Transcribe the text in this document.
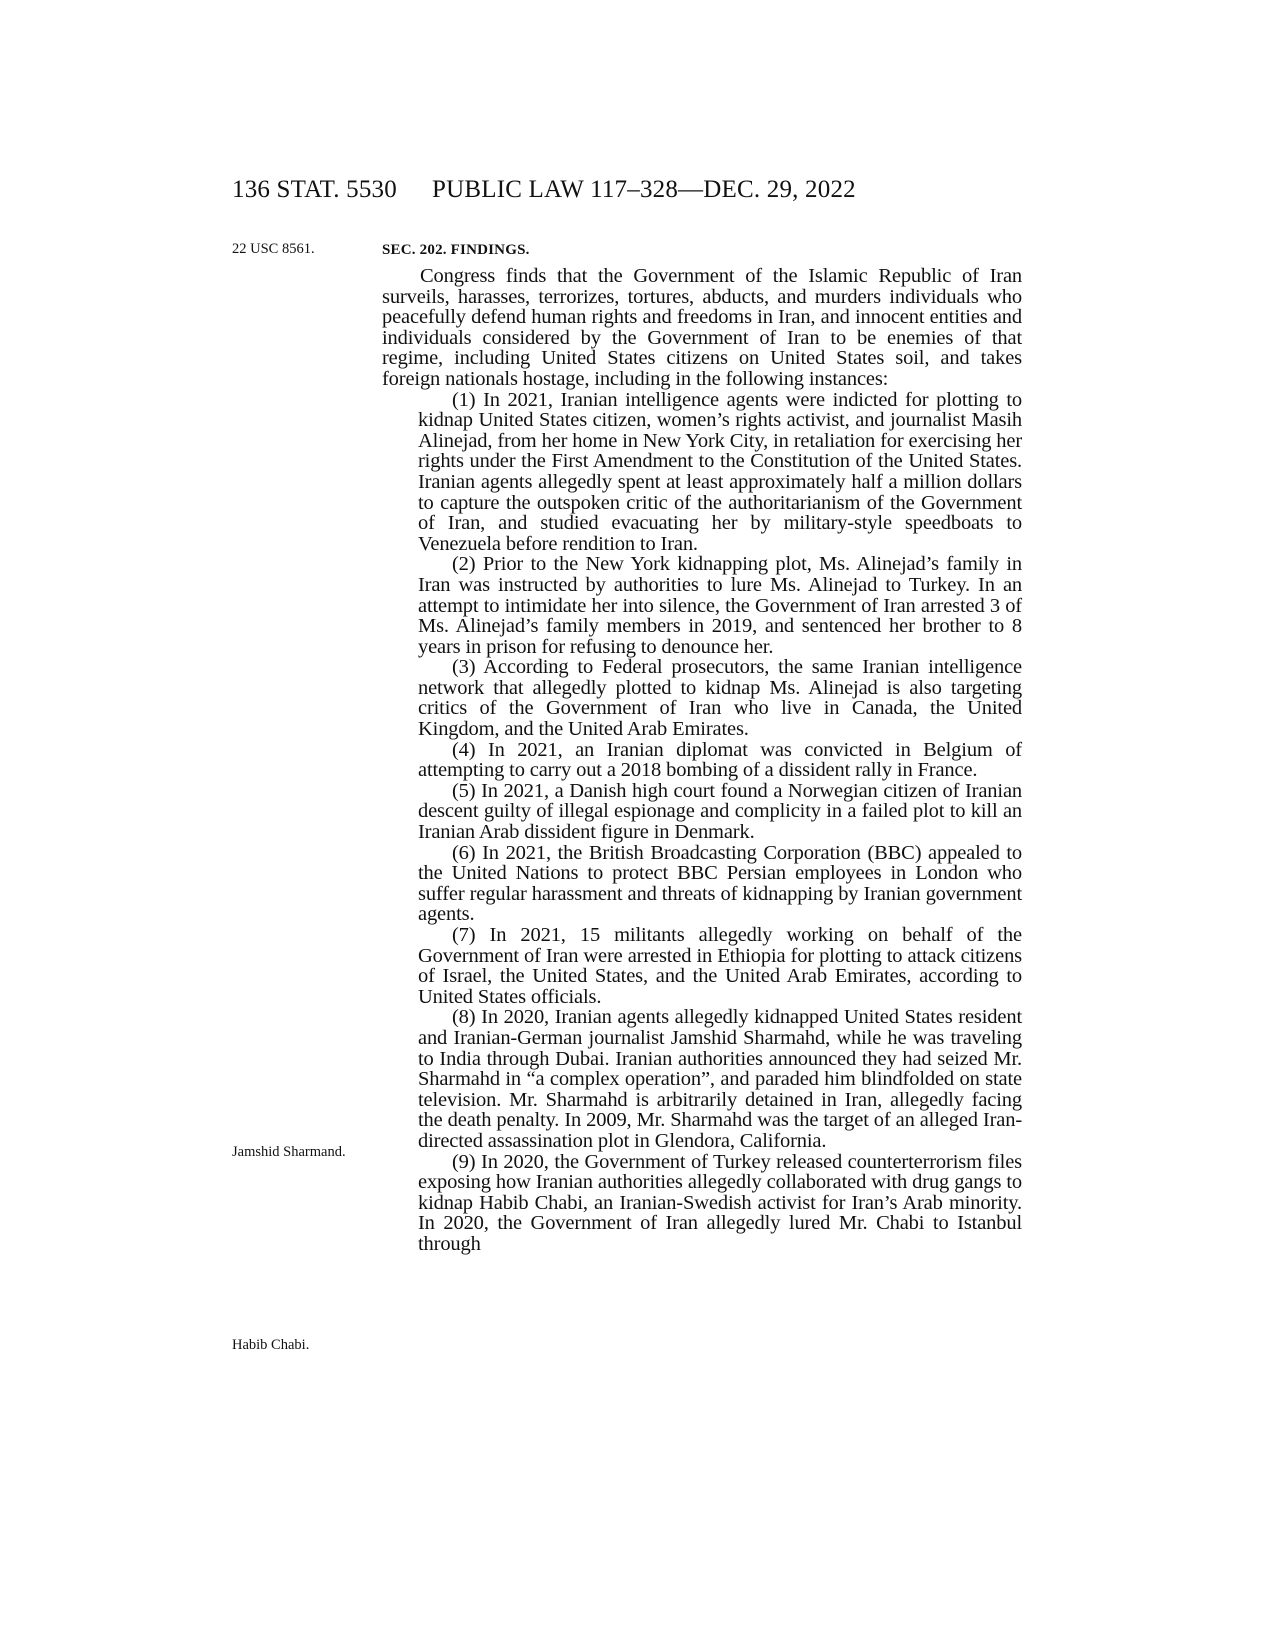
136 STAT. 5530 PUBLIC LAW 117–328—DEC. 29, 2022
22 USC 8561.
Jamshid Sharmand.
Habib Chabi.

SEC. 202. FINDINGS.

Congress finds that the Government of the Islamic Republic of Iran surveils, harasses, terrorizes, tortures, abducts, and murders individuals who peacefully defend human rights and freedoms in Iran, and innocent entities and individuals considered by the Government of Iran to be enemies of that regime, including United States citizens on United States soil, and takes foreign nationals hostage, including in the following instances:

(1) In 2021, Iranian intelligence agents were indicted for plotting to kidnap United States citizen, women’s rights activist, and journalist Masih Alinejad, from her home in New York City, in retaliation for exercising her rights under the First Amendment to the Constitution of the United States. Iranian agents allegedly spent at least approximately half a million dollars to capture the outspoken critic of the authoritarianism of the Government of Iran, and studied evacuating her by military-style speedboats to Venezuela before rendition to Iran.

(2) Prior to the New York kidnapping plot, Ms. Alinejad’s family in Iran was instructed by authorities to lure Ms. Alinejad to Turkey. In an attempt to intimidate her into silence, the Government of Iran arrested 3 of Ms. Alinejad’s family members in 2019, and sentenced her brother to 8 years in prison for refusing to denounce her.

(3) According to Federal prosecutors, the same Iranian intelligence network that allegedly plotted to kidnap Ms. Alinejad is also targeting critics of the Government of Iran who live in Canada, the United Kingdom, and the United Arab Emirates.

(4) In 2021, an Iranian diplomat was convicted in Belgium of attempting to carry out a 2018 bombing of a dissident rally in France.

(5) In 2021, a Danish high court found a Norwegian citizen of Iranian descent guilty of illegal espionage and complicity in a failed plot to kill an Iranian Arab dissident figure in Denmark.

(6) In 2021, the British Broadcasting Corporation (BBC) appealed to the United Nations to protect BBC Persian employees in London who suffer regular harassment and threats of kidnapping by Iranian government agents.

(7) In 2021, 15 militants allegedly working on behalf of the Government of Iran were arrested in Ethiopia for plotting to attack citizens of Israel, the United States, and the United Arab Emirates, according to United States officials.

(8) In 2020, Iranian agents allegedly kidnapped United States resident and Iranian-German journalist Jamshid Sharmahd, while he was traveling to India through Dubai. Iranian authorities announced they had seized Mr. Sharmahd in “a complex operation”, and paraded him blindfolded on state television. Mr. Sharmahd is arbitrarily detained in Iran, allegedly facing the death penalty. In 2009, Mr. Sharmahd was the target of an alleged Iran-directed assassination plot in Glendora, California.

(9) In 2020, the Government of Turkey released counterterrorism files exposing how Iranian authorities allegedly collaborated with drug gangs to kidnap Habib Chabi, an Iranian-Swedish activist for Iran’s Arab minority. In 2020, the Government of Iran allegedly lured Mr. Chabi to Istanbul through
